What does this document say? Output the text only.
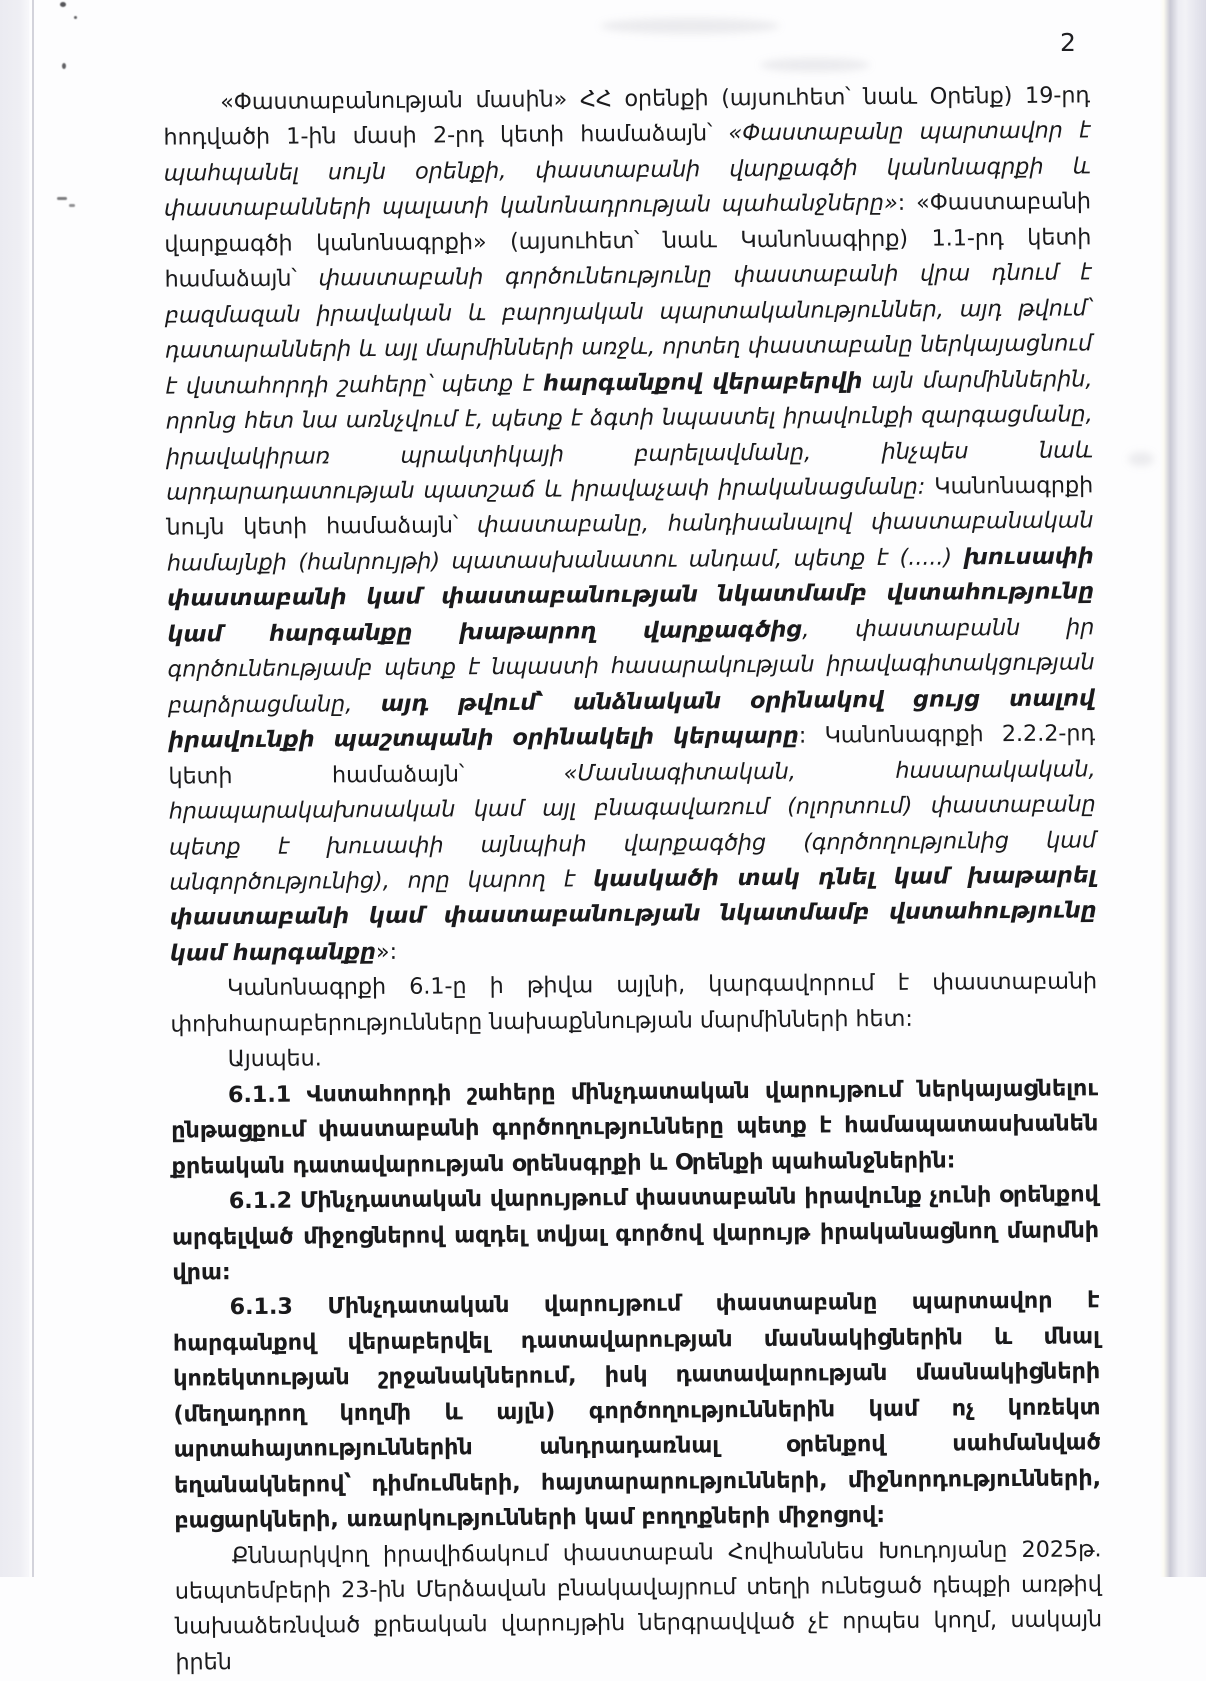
2

«Փաստաբանության մասին» ՀՀ օրենքի (այսուհետ՝ նաև Օրենք) 19-րդ հոդվածի 1-ին մասի 2-րդ կետի համաձայն՝ «Փաստաբանը պարտավոր է պահպանել սույն օրենքի, փաստաբանի վարքագծի կանոնագրքի և փաստաբանների պալատի կանոնադրության պահանջները»: «Փաստաբանի վարքագծի կանոնագրքի» (այսուհետ՝ նաև Կանոնագիրք) 1.1-րդ կետի համաձայն՝ փաստաբանի գործունեությունը փաստաբանի վրա դնում է բազմազան իրավական և բարոյական պարտականություններ, այդ թվում՝ դատարանների և այլ մարմինների առջև, որտեղ փաստաբանը ներկայացնում է վստահորդի շահերը՝ պետք է հարգանքով վերաբերվի այն մարմիններին, որոնց հետ նա առնչվում է, պետք է ձգտի նպաստել իրավունքի զարգացմանը, իրավակիրառ պրակտիկայի բարելավմանը, ինչպես նաև արդարադատության պատշաճ և իրավաչափ իրականացմանը: Կանոնագրքի նույն կետի համաձայն՝ փաստաբանը, հանդիսանալով փաստաբանական համայնքի (հանրույթի) պատասխանատու անդամ, պետք է (.....) խուսափի փաստաբանի կամ փաստաբանության նկատմամբ վստահությունը կամ հարգանքը խաթարող վարքագծից, փաստաբանն իր գործունեությամբ պետք է նպաստի հասարակության իրավագիտակցության բարձրացմանը, այդ թվում՝ անձնական օրինակով ցույց տալով իրավունքի պաշտպանի օրինակելի կերպարը: Կանոնագրքի 2.2.2-րդ կետի համաձայն՝ «Մասնագիտական, հասարակական, հրապարակախոսական կամ այլ բնագավառում (ոլորտում) փաստաբանը պետք է խուսափի այնպիսի վարքագծից (գործողությունից կամ անգործությունից), որը կարող է կասկածի տակ դնել կամ խաթարել փաստաբանի կամ փաստաբանության նկատմամբ վստահությունը կամ հարգանքը»:

Կանոնագրքի 6.1-ը ի թիվա այլնի, կարգավորում է փաստաբանի փոխհարաբերությունները նախաքննության մարմինների հետ:

Այսպես.

6.1.1 Վստահորդի շահերը մինչդատական վարույթում ներկայացնելու ընթացքում փաստաբանի գործողությունները պետք է համապատասխանեն քրեական դատավարության օրենսգրքի և Օրենքի պահանջներին:

6.1.2 Մինչդատական վարույթում փաստաբանն իրավունք չունի օրենքով արգելված միջոցներով ազդել տվյալ գործով վարույթ իրականացնող մարմնի վրա:

6.1.3 Մինչդատական վարույթում փաստաբանը պարտավոր է հարգանքով վերաբերվել դատավարության մասնակիցներին և մնալ կոռեկտության շրջանակներում, իսկ դատավարության մասնակիցների (մեղադրող կողմի և այլն) գործողություններին կամ ոչ կոռեկտ արտահայտություններին անդրադառնալ օրենքով սահմանված եղանակներով՝ դիմումների, հայտարարությունների, միջնորդությունների, բացարկների, առարկությունների կամ բողոքների միջոցով:

Քննարկվող իրավիճակում փաստաբան Հովհաննես Խուդոյանը 2025թ. սեպտեմբերի 23-ին Մերձավան բնակավայրում տեղի ունեցած դեպքի առթիվ նախաձեռնված քրեական վարույթին ներգրավված չէ որպես կողմ, սակայն իրեն
